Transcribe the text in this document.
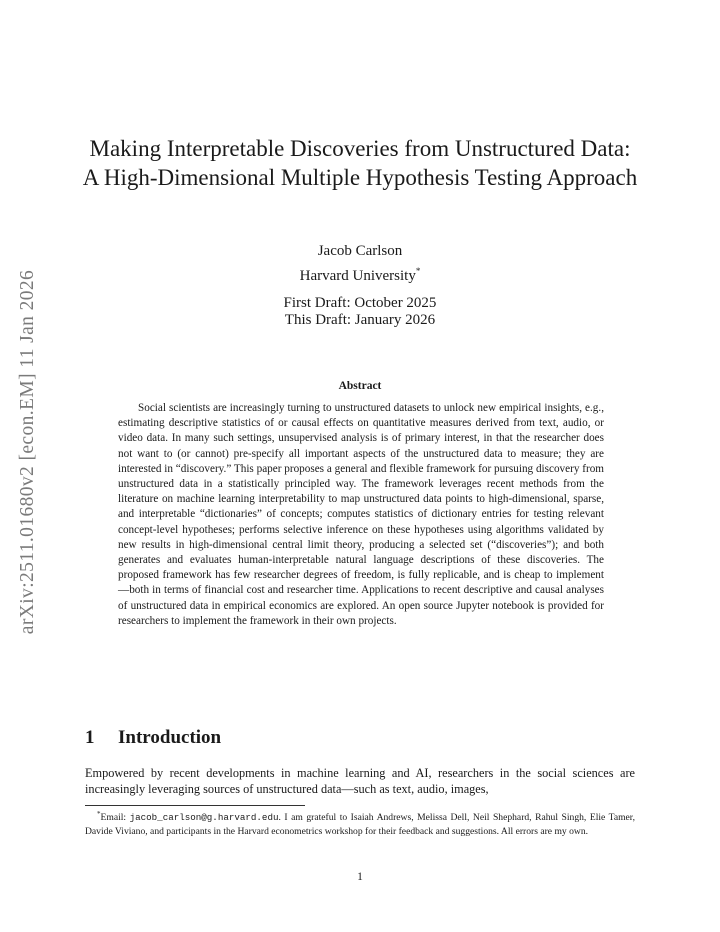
arXiv:2511.01680v2 [econ.EM] 11 Jan 2026
Making Interpretable Discoveries from Unstructured Data: A High-Dimensional Multiple Hypothesis Testing Approach
Jacob Carlson
Harvard University*
First Draft: October 2025
This Draft: January 2026
Abstract

Social scientists are increasingly turning to unstructured datasets to unlock new empirical insights, e.g., estimating descriptive statistics of or causal effects on quantitative measures derived from text, audio, or video data. In many such settings, unsupervised analysis is of primary interest, in that the researcher does not want to (or cannot) pre-specify all important aspects of the unstructured data to measure; they are interested in “discovery.” This paper proposes a general and flexible framework for pursuing discovery from unstructured data in a statistically principled way. The framework leverages recent methods from the literature on machine learning interpretability to map unstructured data points to high-dimensional, sparse, and interpretable “dictionaries” of concepts; computes statistics of dictionary entries for testing relevant concept-level hypotheses; performs selective inference on these hypotheses using algorithms validated by new results in high-dimensional central limit theory, producing a selected set (“discoveries”); and both generates and evaluates human-interpretable natural language descriptions of these discoveries. The proposed framework has few researcher degrees of freedom, is fully replicable, and is cheap to implement—both in terms of financial cost and researcher time. Applications to recent descriptive and causal analyses of unstructured data in empirical economics are explored. An open source Jupyter notebook is provided for researchers to implement the framework in their own projects.

1 Introduction

Empowered by recent developments in machine learning and AI, researchers in the social sciences are increasingly leveraging sources of unstructured data—such as text, audio, images,

*Email: jacob_carlson@g.harvard.edu. I am grateful to Isaiah Andrews, Melissa Dell, Neil Shephard, Rahul Singh, Elie Tamer, Davide Viviano, and participants in the Harvard econometrics workshop for their feedback and suggestions. All errors are my own.

1
